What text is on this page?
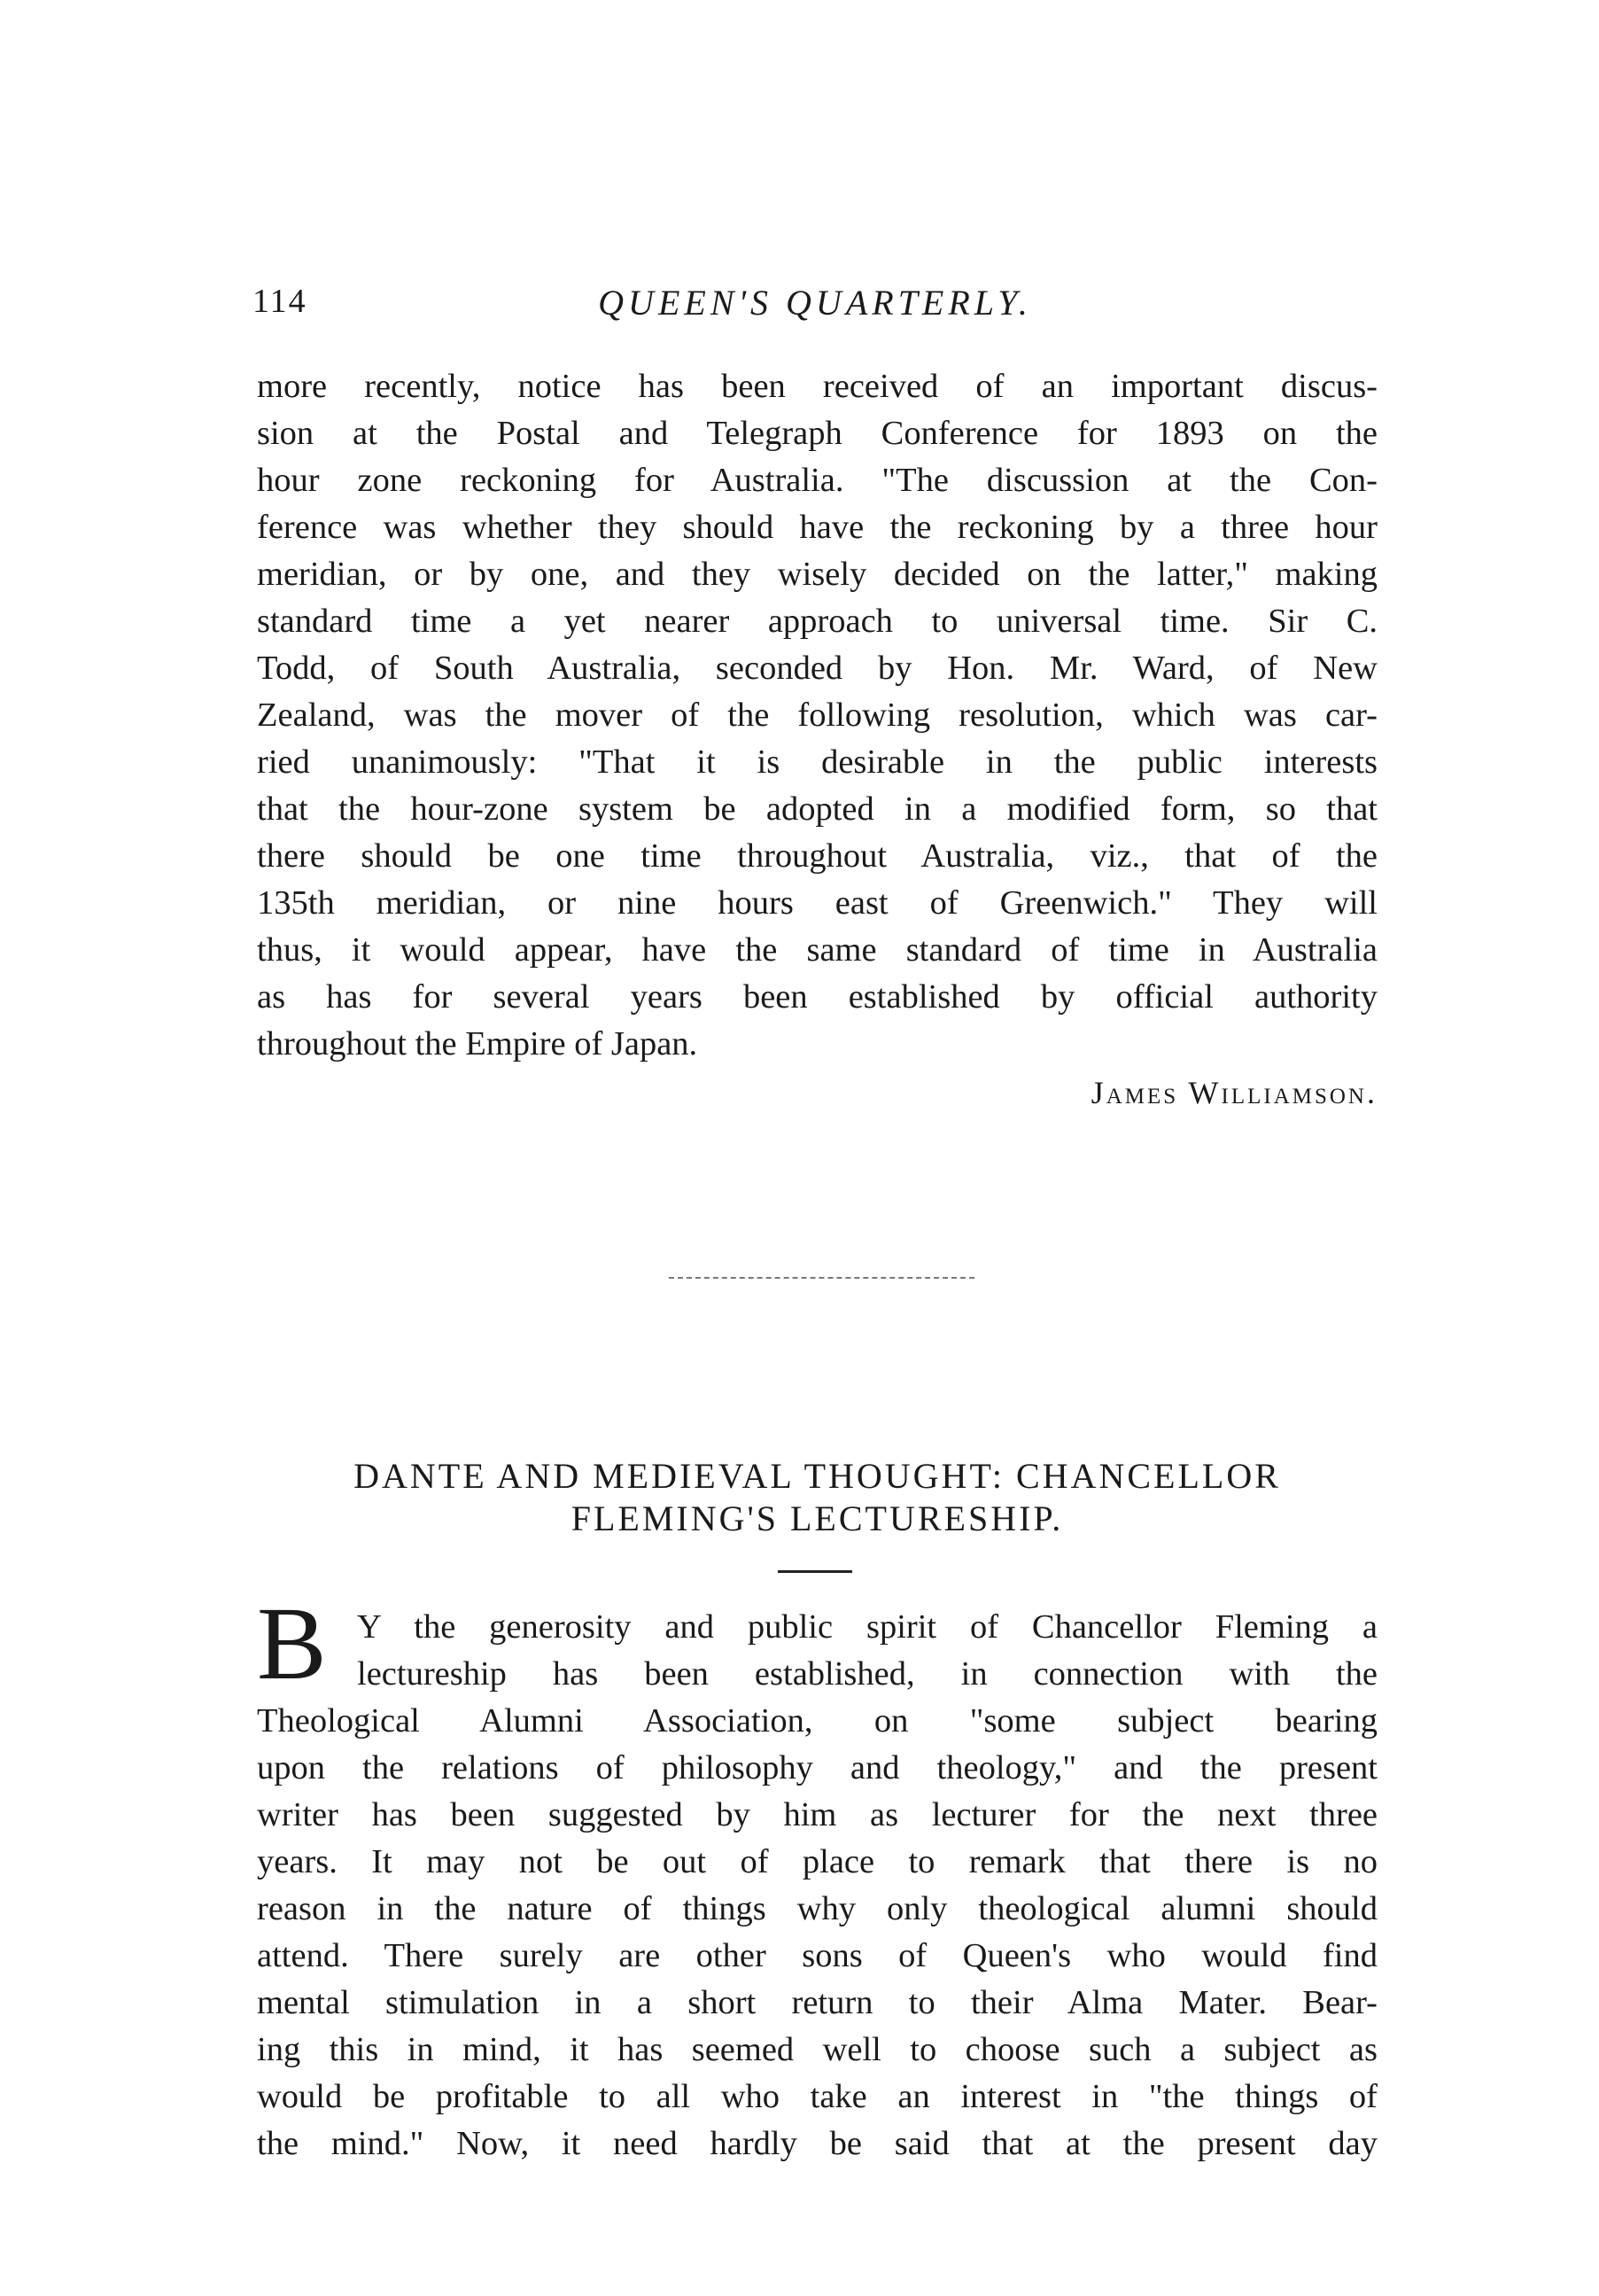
114	QUEEN'S QUARTERLY.
more recently, notice has been received of an important discus-
sion at the Postal and Telegraph Conference for 1893 on the
hour zone reckoning for Australia. "The discussion at the Con-
ference was whether they should have the reckoning by a three hour
meridian, or by one, and they wisely decided on the latter," making
standard time a yet nearer approach to universal time. Sir C.
Todd, of South Australia, seconded by Hon. Mr. Ward, of New
Zealand, was the mover of the following resolution, which was car-
ried unanimously: "That it is desirable in the public interests
that the hour-zone system be adopted in a modified form, so that
there should be one time throughout Australia, viz., that of the
135th meridian, or nine hours east of Greenwich." They will
thus, it would appear, have the same standard of time in Australia
as has for several years been established by official authority
throughout the Empire of Japan.
James Williamson.
DANTE AND MEDIEVAL THOUGHT: CHANCELLOR
FLEMING'S LECTURESHIP.
B Y the generosity and public spirit of Chancellor Fleming a
lectureship has been established, in connection with the
Theological Alumni Association, on "some subject bearing
upon the relations of philosophy and theology," and the present
writer has been suggested by him as lecturer for the next three
years. It may not be out of place to remark that there is no
reason in the nature of things why only theological alumni should
attend. There surely are other sons of Queen's who would find
mental stimulation in a short return to their Alma Mater. Bear-
ing this in mind, it has seemed well to choose such a subject as
would be profitable to all who take an interest in "the things of
the mind." Now, it need hardly be said that at the present day
